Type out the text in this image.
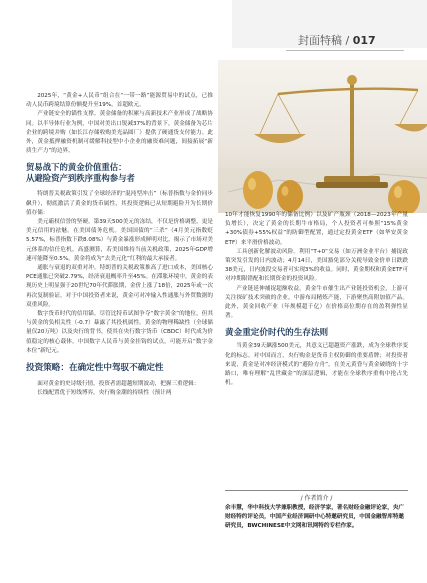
封面特稿 / 017

2025年，“黄金+人民币”组合在“一带一路”能源贸易中的试点，已推动人民币跨境结算份额提升至19%，首超欧元。

产业链安全的锚性支撑。黄金储备的积累与高新技术产业形成了战略协同。以半导体行业为例，中国对美出口锐减37%的背景下，黄金储备为芯片企业的跨境并购（如长江存储收购美光晶圆厂）提供了硬通货支付能力。此外，黄金抵押融资机制可缓解科技型中小企业的融资难问题，间接拓展“新质生产力”的边界。

贸易战下的黄金价值重估：

从避险资产到秩序重构参与者

特朗普关税政策引发了全球经济的“混沌型冲击”（标普指数与金价同步飙升），彻底激活了黄金的货币属性，其投资逻辑已从短期避险升为长期价值存储：

美元霸权信誉的坚硬。第39天500美元的冻结，不仅是价格调整，更是美元信用的祛魅。在美国债务危机。美国国债的“三杀”（4月美元指数贬5.57%，标普指数下跌8.08%）与黄金暴涨形成鲜明对比，揭示了市场对美元体系的信任危机。高盛测算，若美国维持当前关税政策，2025年GDP增速可能降至0.5%，黄金将成为“去美元化”红利的最大承接者。

通胀与衰退的双重对冲。特朗普的关税政策推高了进口成本，美国核心PCE通胀已突破2.79%，经济衰退概率升至45%。在滞胀环境中，黄金的表现历史上明显强于20世纪70年代滞胀期，金价上涨了18倍，2025年或一次再次复制验证。对于中国投资者来说，黄金可对冲输入性通胀与外贸数据的双重风险。

数字货币时代的信用锚。尽管比特币试图争夺“数字黄金”的地位，但其与黄金的负相关性（-0.7）暴露了其投机属性。黄金的物理稀缺性（全球储量仅20万吨）以及央行的背书，使其在央行数字货币（CBDC）时代成为价值稳定的核心载体。中国数字人民币与黄金挂钩的试点，可能开启“数字金本位”新纪元。

投资策略：在确定性中驾驭不确定性

面对黄金的史诗级行情，投资者需超越短期波动，把握三重逻辑：

长线配置优于短线博弈。央行购金潮的持续性（预计两

10年才能恢复1990年的储备比例）以及矿产瓶颈（2018—2023年产量负增长），决定了黄金的长期牛市格局，个人投资者可参照“15%黄金+30%债券+55%权益”的防御型配置，通过定投黄金ETF（如华安黄金ETF）来平滑价格波动。

工具创新化解波动风险。利用“T+0”交易（如万洲金业平台）捕捉政策突发引发的日内波动；4月14日，美国豁免部分关税导致金价单日跌跌38美元，日内波段交易者可实现3%的收益。同时，黄金期权和黄金ETF可对冲期限错配和长期资金的投资风险。

产业链延伸捕捉超额收益。黄金牛市催生出产业链投资机会，上游可关注探矿技术突破的企业，中游布局精炼产能，下游聚焦高附加值产品。此外，黄金回收产业（年规模超千亿）在价格高位期存在的盈利弹性显著。

黄金重定价时代的生存法则

当黄金39天飙涨500美元，其意义已超越资产涨跌，成为全球秩序变化的标志。对中国而言，央行购金是货币主权防御的重要盾牌；对投资者来说，黄金是对冲经济模式的“避险方舟”。在美元黄昏与黄金破晓的十字路口，唯有理解“乱世藏金”的深层逻辑，才能在全球秩序重构中抢占先机。

/ 作者简介 /
余丰慧，华中科技大学兼职教授，经济学家，著名财经金融评论家，央广财经特约评论员，中国产业经济调研中心特邀研究员，中国金融智库特邀研究员，BWCHINESE中文网和讯网特约专栏作家。
